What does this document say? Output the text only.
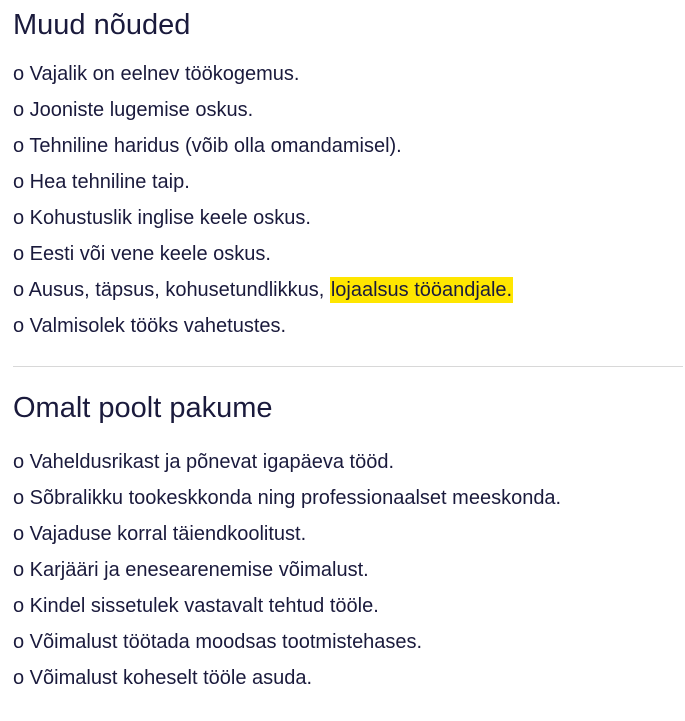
Muud nõuded
o Vajalik on eelnev töökogemus.
o Jooniste lugemise oskus.
o Tehniline haridus (võib olla omandamisel).
o Hea tehniline taip.
o Kohustuslik inglise keele oskus.
o Eesti või vene keele oskus.
o Ausus, täpsus, kohusetundlikkus, lojaalsus tööandjale.
o Valmisolek tööks vahetustes.
Omalt poolt pakume
o Vaheldusrikast ja põnevat igapäeva tööd.
o Sõbralikku tookeskkonda ning professionaalset meeskonda.
o Vajaduse korral täiendkoolitust.
o Karjääri ja enesearenemise võimalust.
o Kindel sissetulek vastavalt tehtud tööle.
o Võimalust töötada moodsas tootmistehases.
o Võimalust koheselt tööle asuda.
